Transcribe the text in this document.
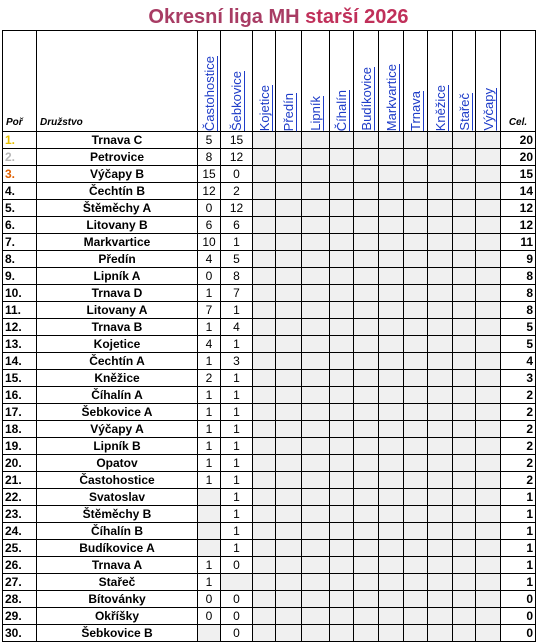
Okresní liga MH starší 2026
Poř	Družstvo	Častohostice	Šebkovice	Kojetice	Předín	Lipník	Číhalín	Budíkovice	Markvartice	Trnava	Kněžice	Stařeč	Výčapy	Cel.
1.	Trnava C	5	15											20
2.	Petrovice	8	12											20
3.	Výčapy B	15	0											15
4.	Čechtín B	12	2											14
5.	Štěměchy A	0	12											12
6.	Litovany B	6	6											12
7.	Markvartice	10	1											11
8.	Předín	4	5											9
9.	Lipník A	0	8											8
10.	Trnava D	1	7											8
11.	Litovany A	7	1											8
12.	Trnava B	1	4											5
13.	Kojetice	4	1											5
14.	Čechtín A	1	3											4
15.	Kněžice	2	1											3
16.	Číhalín A	1	1											2
17.	Šebkovice A	1	1											2
18.	Výčapy A	1	1											2
19.	Lipník B	1	1											2
20.	Opatov	1	1											2
21.	Častohostice	1	1											2
22.	Svatoslav		1											1
23.	Štěměchy B		1											1
24.	Číhalín B		1											1
25.	Budíkovice A		1											1
26.	Trnava A	1	0											1
27.	Stařeč	1												1
28.	Bítovánky	0	0											0
29.	Okříšky	0	0											0
30.	Šebkovice B		0											0
